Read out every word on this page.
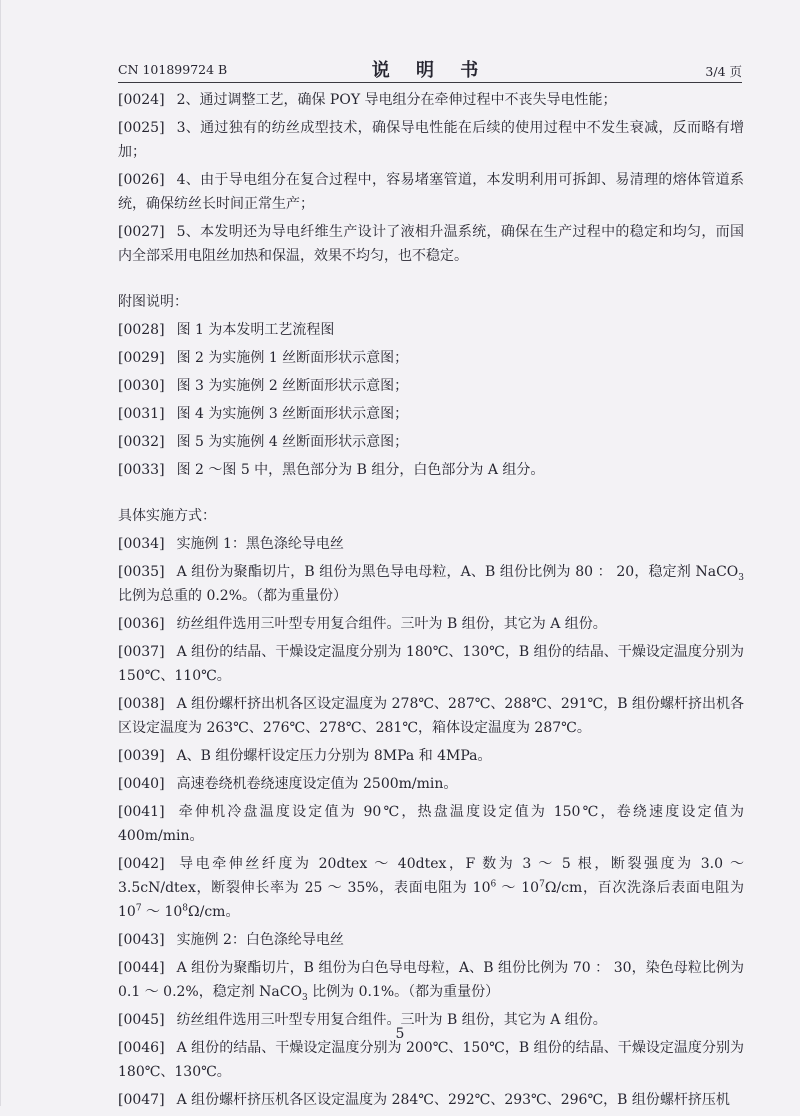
CN 101899724 B	说 明 书	3/4 页

[0024] 2、通过调整工艺，确保 POY 导电组分在牵伸过程中不丧失导电性能；

[0025] 3、通过独有的纺丝成型技术，确保导电性能在后续的使用过程中不发生衰减，反而略有增加；

[0026] 4、由于导电组分在复合过程中，容易堵塞管道，本发明利用可拆卸、易清理的熔体管道系统，确保纺丝长时间正常生产；

[0027] 5、本发明还为导电纤维生产设计了液相升温系统，确保在生产过程中的稳定和均匀，而国内全部采用电阻丝加热和保温，效果不均匀，也不稳定。

附图说明：

[0028] 图 1 为本发明工艺流程图

[0029] 图 2 为实施例 1 丝断面形状示意图；

[0030] 图 3 为实施例 2 丝断面形状示意图；

[0031] 图 4 为实施例 3 丝断面形状示意图；

[0032] 图 5 为实施例 4 丝断面形状示意图；

[0033] 图 2 ～图 5 中，黑色部分为 B 组分，白色部分为 A 组分。

具体实施方式：

[0034] 实施例 1：黑色涤纶导电丝

[0035] A 组份为聚酯切片，B 组份为黑色导电母粒，A、B 组份比例为 80 ： 20，稳定剂 NaCO$_3$比例为总重的 0.2%。（都为重量份）

[0036] 纺丝组件选用三叶型专用复合组件。三叶为 B 组份，其它为 A 组份。

[0037] A 组份的结晶、干燥设定温度分别为 180℃、130℃，B 组份的结晶、干燥设定温度分别为 150℃、110℃。

[0038] A 组份螺杆挤出机各区设定温度为 278℃、287℃、288℃、291℃，B 组份螺杆挤出机各区设定温度为 263℃、276℃、278℃、281℃，箱体设定温度为 287℃。

[0039] A、B 组份螺杆设定压力分别为 8MPa 和 4MPa。

[0040] 高速卷绕机卷绕速度设定值为 2500m/min。

[0041] 牵伸机冷盘温度设定值为 90℃，热盘温度设定值为 150℃，卷绕速度设定值为 400m/min。

[0042] 导电牵伸丝纤度为 20dtex ～ 40dtex，F 数为 3 ～ 5 根，断裂强度为 3.0 ～ 3.5cN/dtex，断裂伸长率为 25 ～ 35%，表面电阻为 $10^6$ ～ $10^7\Omega/cm$，百次洗涤后表面电阻为 $10^7$ ～ $10^8\Omega/cm$。

[0043] 实施例 2：白色涤纶导电丝

[0044] A 组份为聚酯切片，B 组份为白色导电母粒，A、B 组份比例为 70 ： 30，染色母粒比例为 0.1 ～ 0.2%，稳定剂 NaCO$_3$ 比例为 0.1%。（都为重量份）

[0045] 纺丝组件选用三叶型专用复合组件。三叶为 B 组份，其它为 A 组份。

[0046] A 组份的结晶、干燥设定温度分别为 200℃、150℃，B 组份的结晶、干燥设定温度分别为 180℃、130℃。

[0047] A 组份螺杆挤压机各区设定温度为 284℃、292℃、293℃、296℃，B 组份螺杆挤压机

5
